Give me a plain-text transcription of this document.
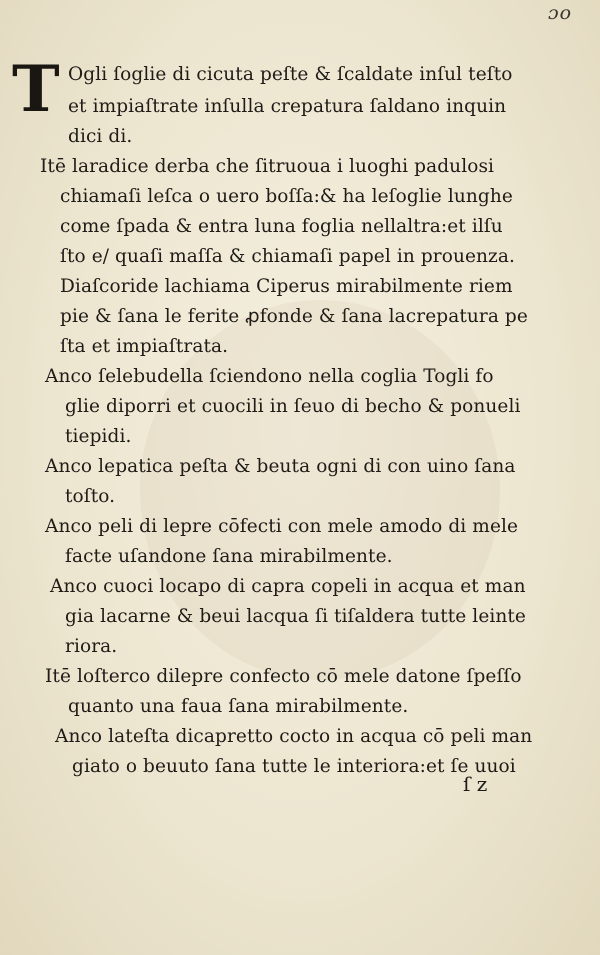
ɔo
T Ogli ſoglie di cicuta peſte & ſcaldate inſul teſto
et impiaſtrate inſulla crepatura ſaldano inquin
dici di.
Itē laradice derba che ſitruoua i luoghi padulosi
chiamaſi leſca o uero boſſa:& ha leſoglie lunghe
come ſpada & entra luna foglia nellaltra:et ilſu
ſto e/ quaſi maſſa & chiamaſi papel in prouenza.
Diaſcoride lachiama Ciperus mirabilmente riem
pie & ſana le ferite ꝓfonde & ſana lacrepatura pe
ſta et impiaſtrata.
Anco ſelebudella ſciendono nella coglia Togli fo
glie diporri et cuocili in ſeuo di becho & ponueli
tiepidi.
Anco lepatica peſta & beuta ogni di con uino ſana
toſto.
Anco peli di lepre cōfecti con mele amodo di mele
facte uſandone ſana mirabilmente.
Anco cuoci locapo di capra copeli in acqua et man
gia lacarne & beui lacqua ſi tiſaldera tutte leinte
riora.
Itē loſterco dilepre confecto cō mele datone ſpeſſo
quanto una faua ſana mirabilmente.
Anco lateſta dicapretto cocto in acqua cō peli man
giato o beuuto ſana tutte le interiora:et ſe uuoi
ſ z
